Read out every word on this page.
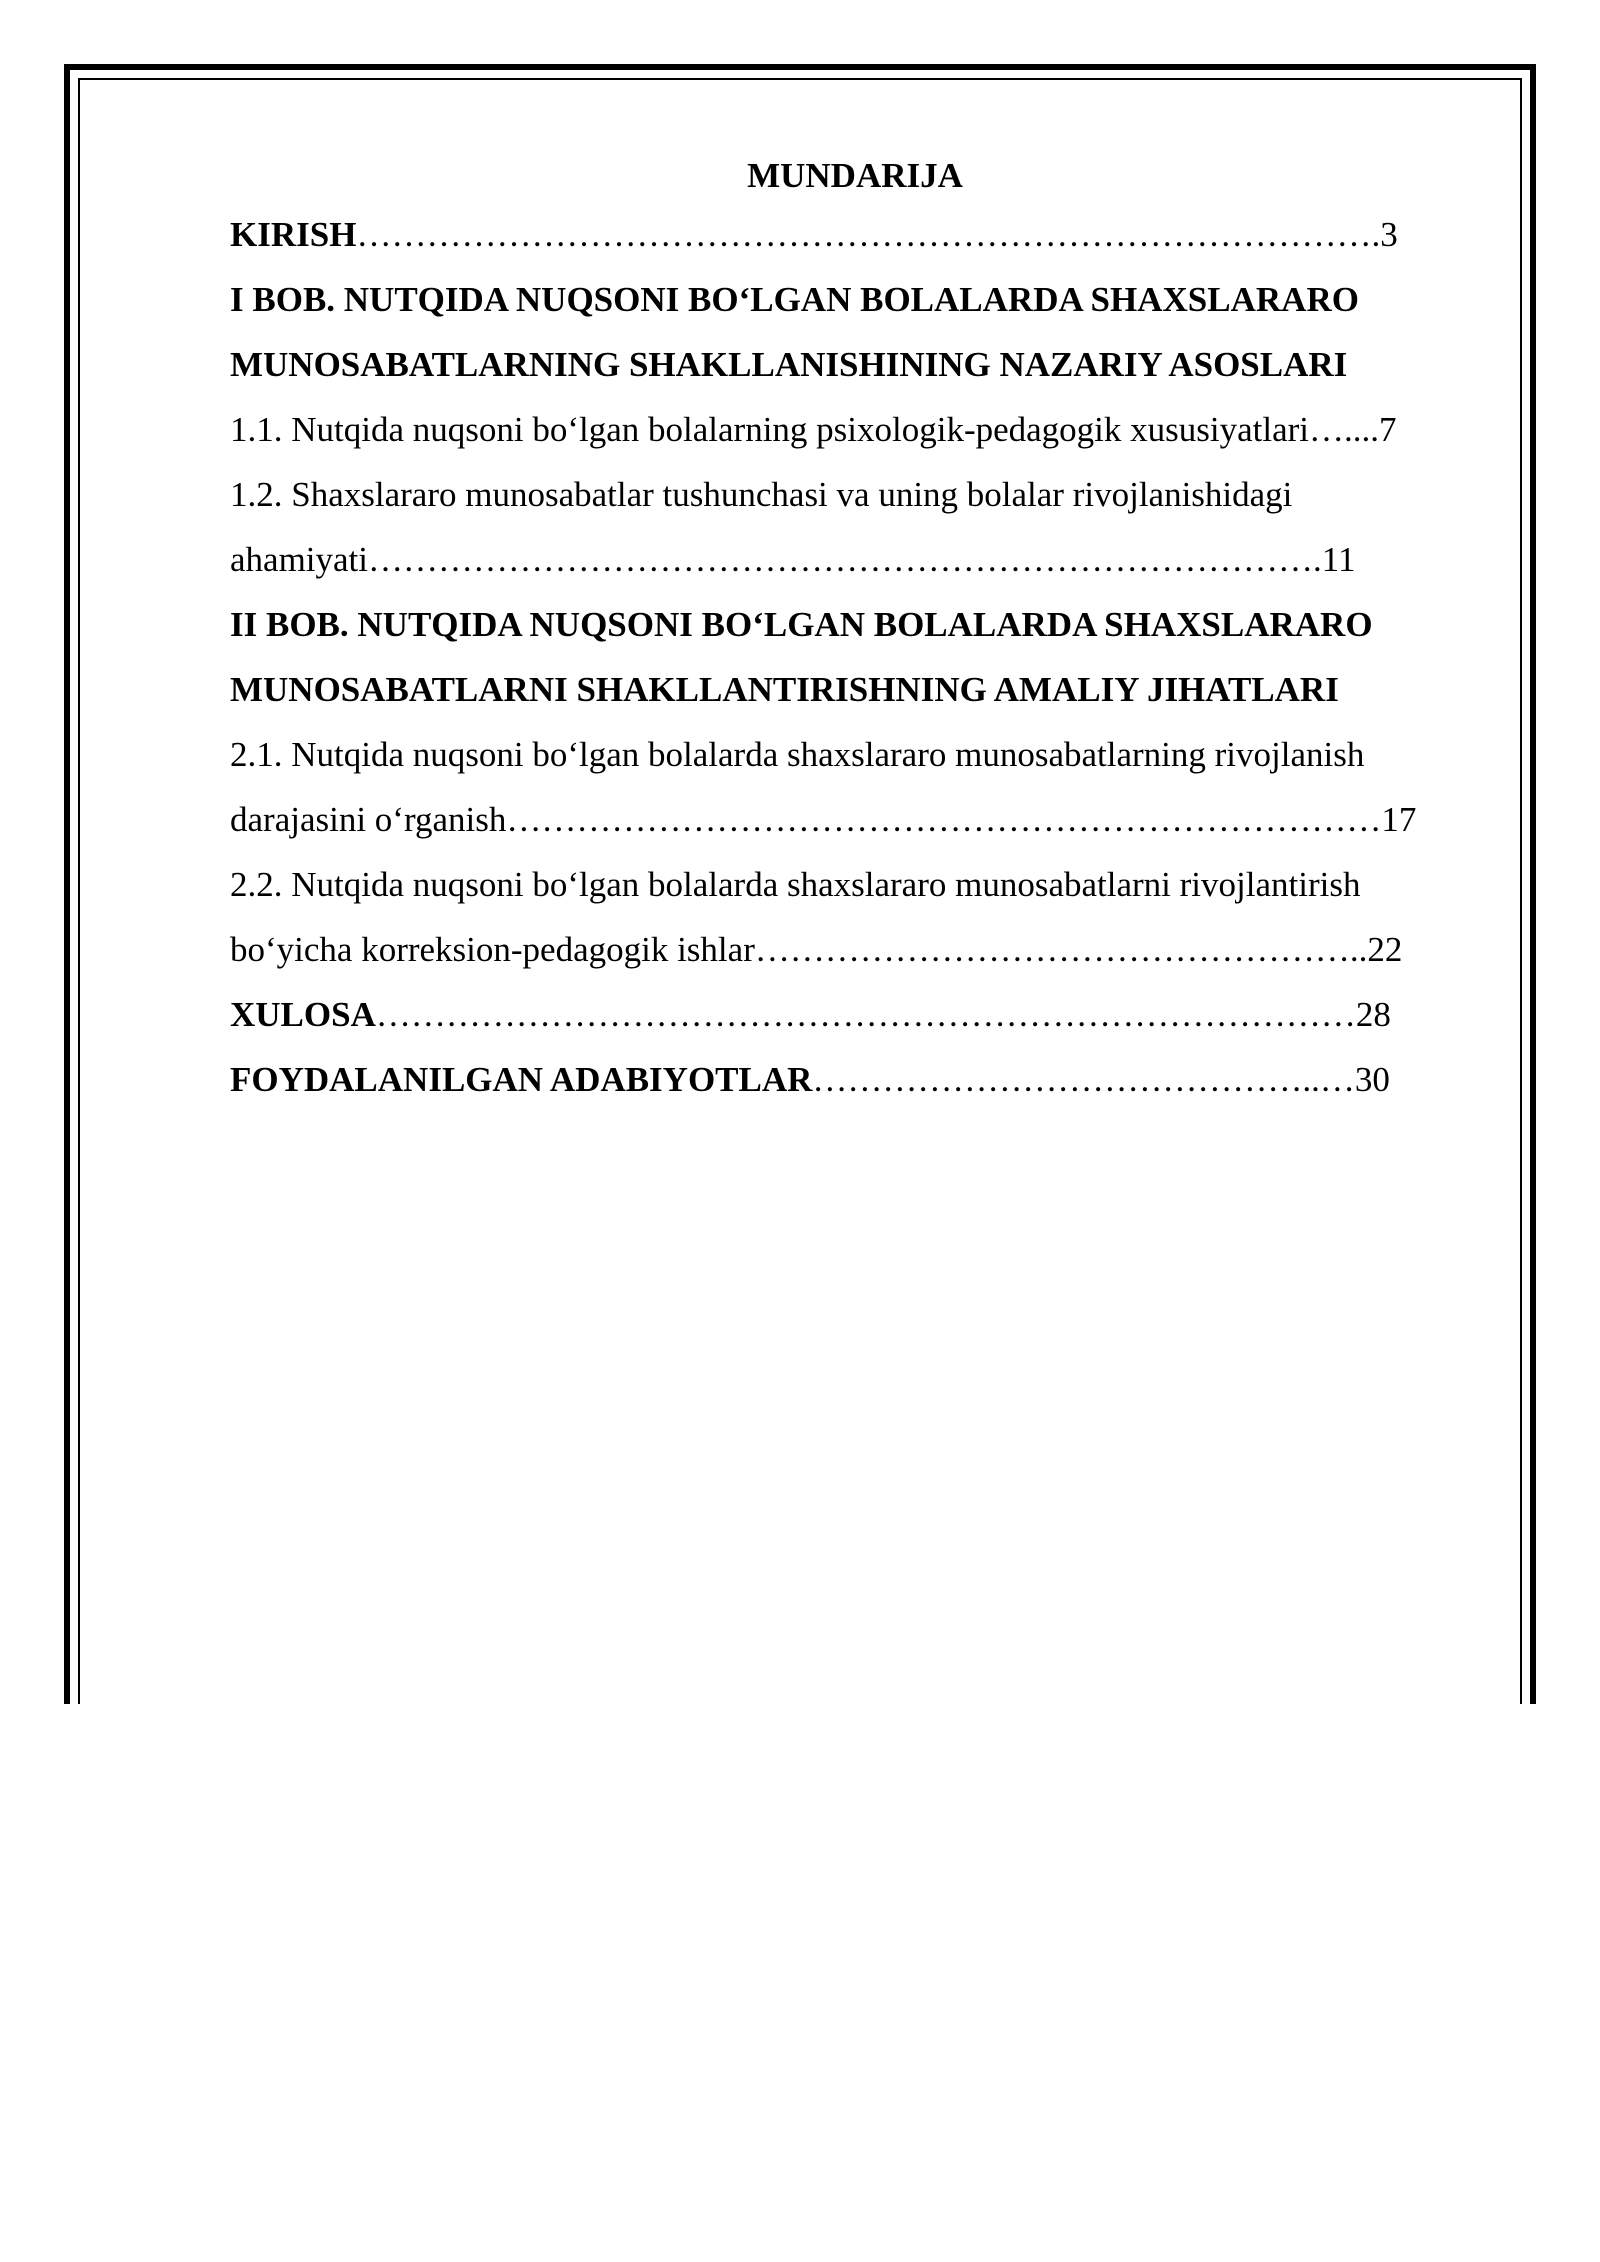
MUNDARIJA
KIRISH…………………………………………………………………………….3
I BOB. NUTQIDA NUQSONI BO‘LGAN BOLALARDA SHAXSLARARO
MUNOSABATLARNING SHAKLLANISHINING NAZARIY ASOSLARI
1.1. Nutqida nuqsoni bo‘lgan bolalarning psixologik-pedagogik xususiyatlari…....7
1.2. Shaxslararo munosabatlar tushunchasi va uning bolalar rivojlanishidagi
ahamiyati……………………………………………………………………….11
II BOB. NUTQIDA NUQSONI BO‘LGAN BOLALARDA SHAXSLARARO
MUNOSABATLARNI SHAKLLANTIRISHNING AMALIY JIHATLARI
2.1. Nutqida nuqsoni bo‘lgan bolalarda shaxslararo munosabatlarning rivojlanish
darajasini o‘rganish…………………………………………………………………17
2.2. Nutqida nuqsoni bo‘lgan bolalarda shaxslararo munosabatlarni rivojlantirish
bo‘yicha korreksion-pedagogik ishlar……………………………………………..22
XULOSA…………………………………………………………………………28
FOYDALANILGAN ADABIYOTLAR……………………………………..…30
